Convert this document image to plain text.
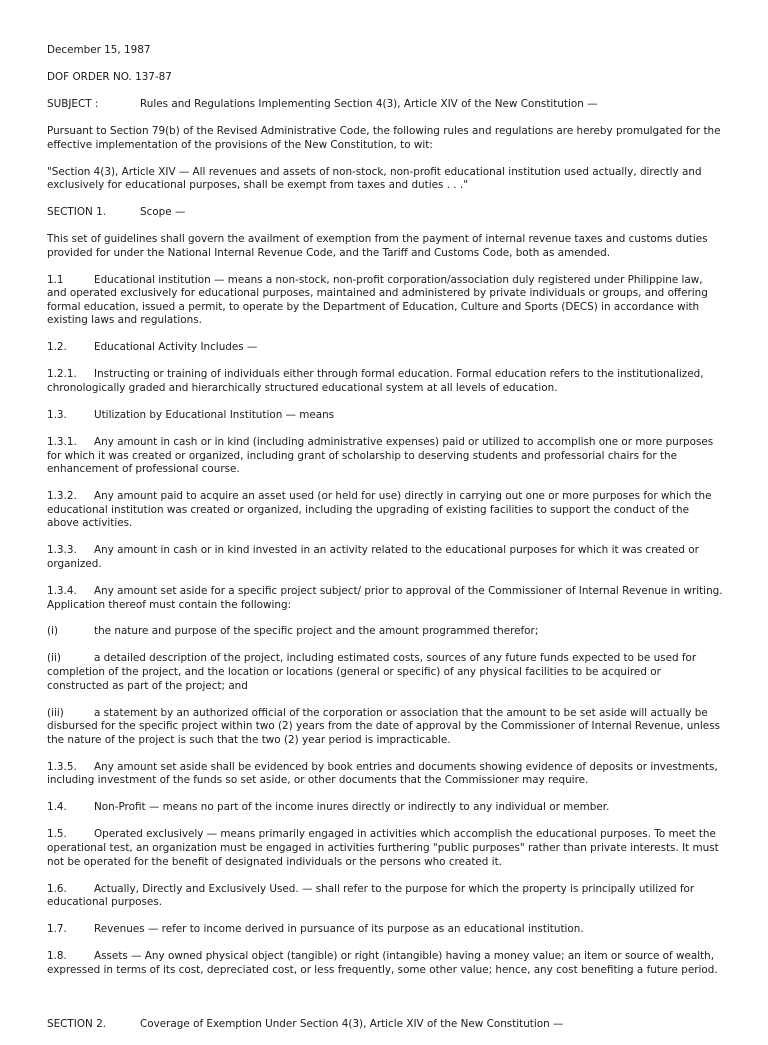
December 15, 1987

DOF ORDER NO. 137-87

SUBJECT :	Rules and Regulations Implementing Section 4(3), Article XIV of the New Constitution —

Pursuant to Section 79(b) of the Revised Administrative Code, the following rules and regulations are hereby promulgated for the effective implementation of the provisions of the New Constitution, to wit:

"Section 4(3), Article XIV — All revenues and assets of non-stock, non-profit educational institution used actually, directly and exclusively for educational purposes, shall be exempt from taxes and duties . . ."

SECTION 1.	Scope —

This set of guidelines shall govern the availment of exemption from the payment of internal revenue taxes and customs duties provided for under the National Internal Revenue Code, and the Tariff and Customs Code, both as amended.

1.1	Educational institution — means a non-stock, non-profit corporation/association duly registered under Philippine law, and operated exclusively for educational purposes, maintained and administered by private individuals or groups, and offering formal education, issued a permit, to operate by the Department of Education, Culture and Sports (DECS) in accordance with existing laws and regulations.

1.2.	Educational Activity Includes —

1.2.1. Instructing or training of individuals either through formal education. Formal education refers to the institutionalized, chronologically graded and hierarchically structured educational system at all levels of education.

1.3.	Utilization by Educational Institution — means

1.3.1. Any amount in cash or in kind (including administrative expenses) paid or utilized to accomplish one or more purposes for which it was created or organized, including grant of scholarship to deserving students and professorial chairs for the enhancement of professional course.

1.3.2. Any amount paid to acquire an asset used (or held for use) directly in carrying out one or more purposes for which the educational institution was created or organized, including the upgrading of existing facilities to support the conduct of the above activities.

1.3.3. Any amount in cash or in kind invested in an activity related to the educational purposes for which it was created or organized.

1.3.4. Any amount set aside for a specific project subject/ prior to approval of the Commissioner of Internal Revenue in writing. Application thereof must contain the following:

(i)	the nature and purpose of the specific project and the amount programmed therefor;

(ii)	a detailed description of the project, including estimated costs, sources of any future funds expected to be used for completion of the project, and the location or locations (general or specific) of any physical facilities to be acquired or constructed as part of the project; and

(iii)	a statement by an authorized official of the corporation or association that the amount to be set aside will actually be disbursed for the specific project within two (2) years from the date of approval by the Commissioner of Internal Revenue, unless the nature of the project is such that the two (2) year period is impracticable.

1.3.5. Any amount set aside shall be evidenced by book entries and documents showing evidence of deposits or investments, including investment of the funds so set aside, or other documents that the Commissioner may require.

1.4.	Non-Profit — means no part of the income inures directly or indirectly to any individual or member.

1.5.	Operated exclusively — means primarily engaged in activities which accomplish the educational purposes. To meet the operational test, an organization must be engaged in activities furthering "public purposes" rather than private interests. It must not be operated for the benefit of designated individuals or the persons who created it.

1.6.	Actually, Directly and Exclusively Used. — shall refer to the purpose for which the property is principally utilized for educational purposes.

1.7.	Revenues — refer to income derived in pursuance of its purpose as an educational institution.

1.8.	Assets — Any owned physical object (tangible) or right (intangible) having a money value; an item or source of wealth, expressed in terms of its cost, depreciated cost, or less frequently, some other value; hence, any cost benefiting a future period.

SECTION 2.	Coverage of Exemption Under Section 4(3), Article XIV of the New Constitution —
